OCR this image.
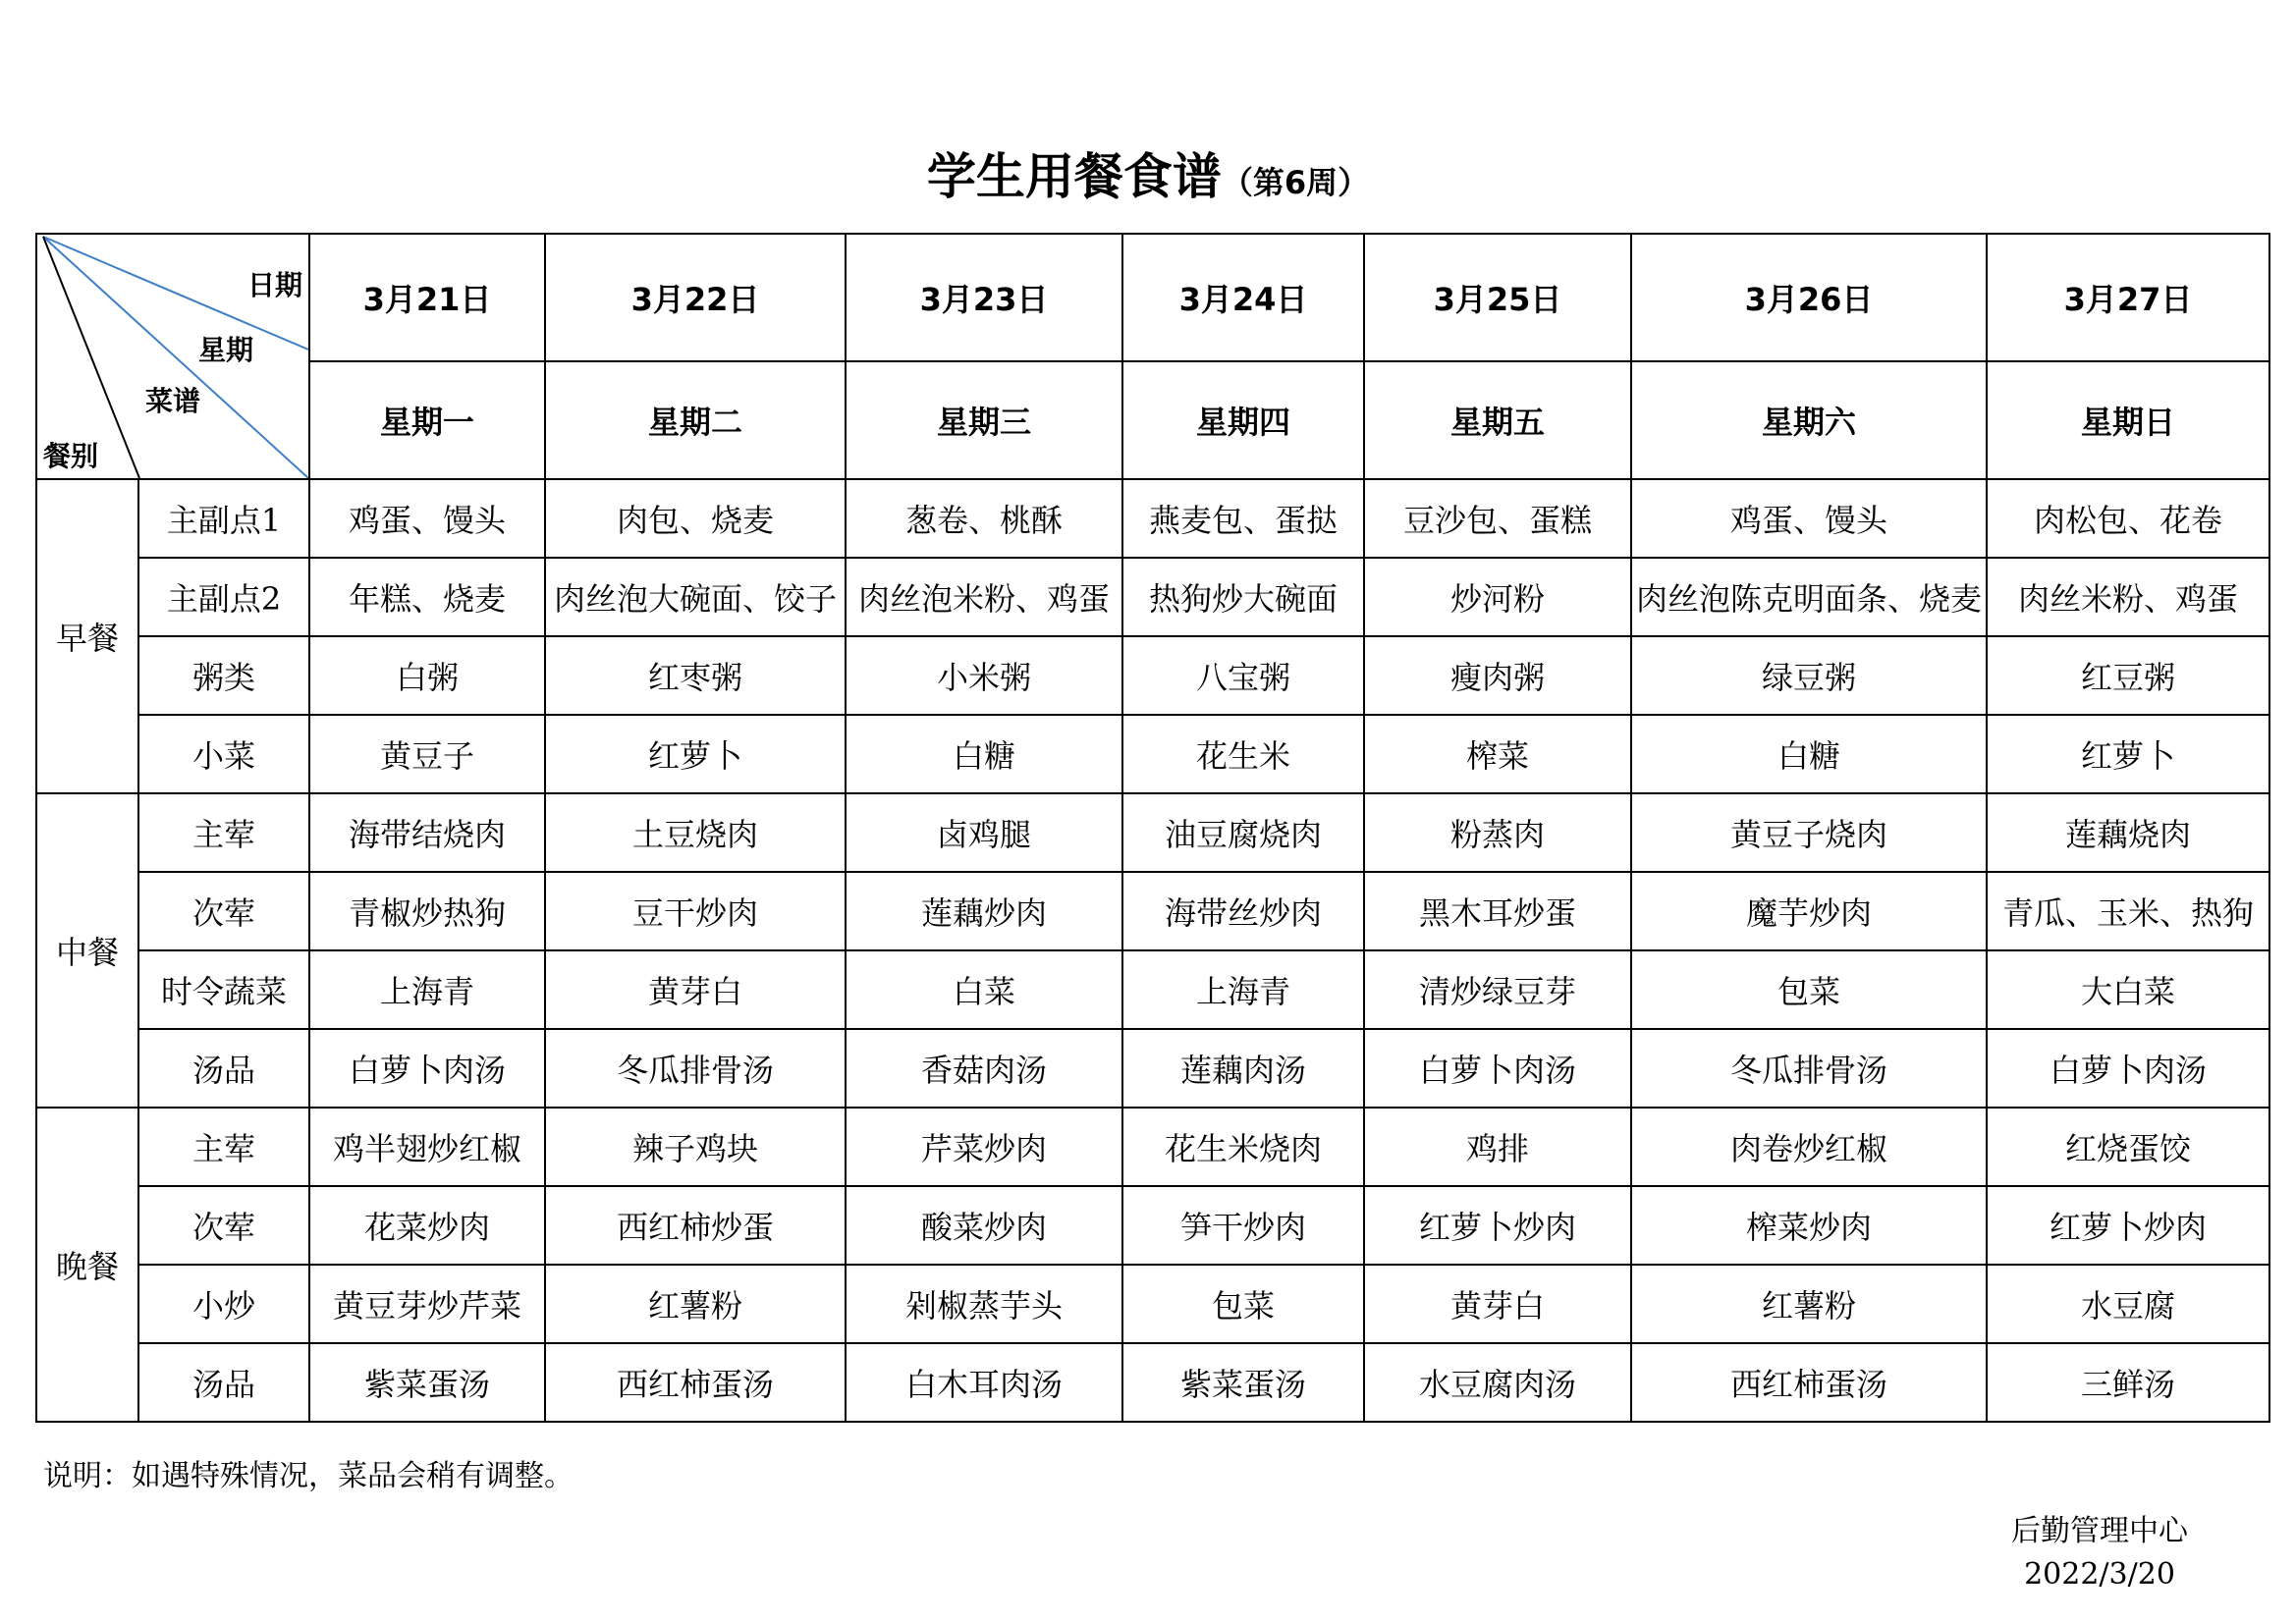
学生用餐食谱（第6周）
日期
星期
菜谱
餐别		3月21日	3月22日	3月23日	3月24日	3月25日	3月26日	3月27日
		星期一	星期二	星期三	星期四	星期五	星期六	星期日
早餐	主副点1	鸡蛋、馒头	肉包、烧麦	葱卷、桃酥	燕麦包、蛋挞	豆沙包、蛋糕	鸡蛋、馒头	肉松包、花卷
	主副点2	年糕、烧麦	肉丝泡大碗面、饺子	肉丝泡米粉、鸡蛋	热狗炒大碗面	炒河粉	肉丝泡陈克明面条、烧麦	肉丝米粉、鸡蛋
	粥类	白粥	红枣粥	小米粥	八宝粥	瘦肉粥	绿豆粥	红豆粥
	小菜	黄豆子	红萝卜	白糖	花生米	榨菜	白糖	红萝卜
中餐	主荤	海带结烧肉	土豆烧肉	卤鸡腿	油豆腐烧肉	粉蒸肉	黄豆子烧肉	莲藕烧肉
	次荤	青椒炒热狗	豆干炒肉	莲藕炒肉	海带丝炒肉	黑木耳炒蛋	魔芋炒肉	青瓜、玉米、热狗
	时令蔬菜	上海青	黄芽白	白菜	上海青	清炒绿豆芽	包菜	大白菜
	汤品	白萝卜肉汤	冬瓜排骨汤	香菇肉汤	莲藕肉汤	白萝卜肉汤	冬瓜排骨汤	白萝卜肉汤
晚餐	主荤	鸡半翅炒红椒	辣子鸡块	芹菜炒肉	花生米烧肉	鸡排	肉卷炒红椒	红烧蛋饺
	次荤	花菜炒肉	西红柿炒蛋	酸菜炒肉	笋干炒肉	红萝卜炒肉	榨菜炒肉	红萝卜炒肉
	小炒	黄豆芽炒芹菜	红薯粉	剁椒蒸芋头	包菜	黄芽白	红薯粉	水豆腐
	汤品	紫菜蛋汤	西红柿蛋汤	白木耳肉汤	紫菜蛋汤	水豆腐肉汤	西红柿蛋汤	三鲜汤
说明：如遇特殊情况，菜品会稍有调整。
后勤管理中心
2022/3/20
